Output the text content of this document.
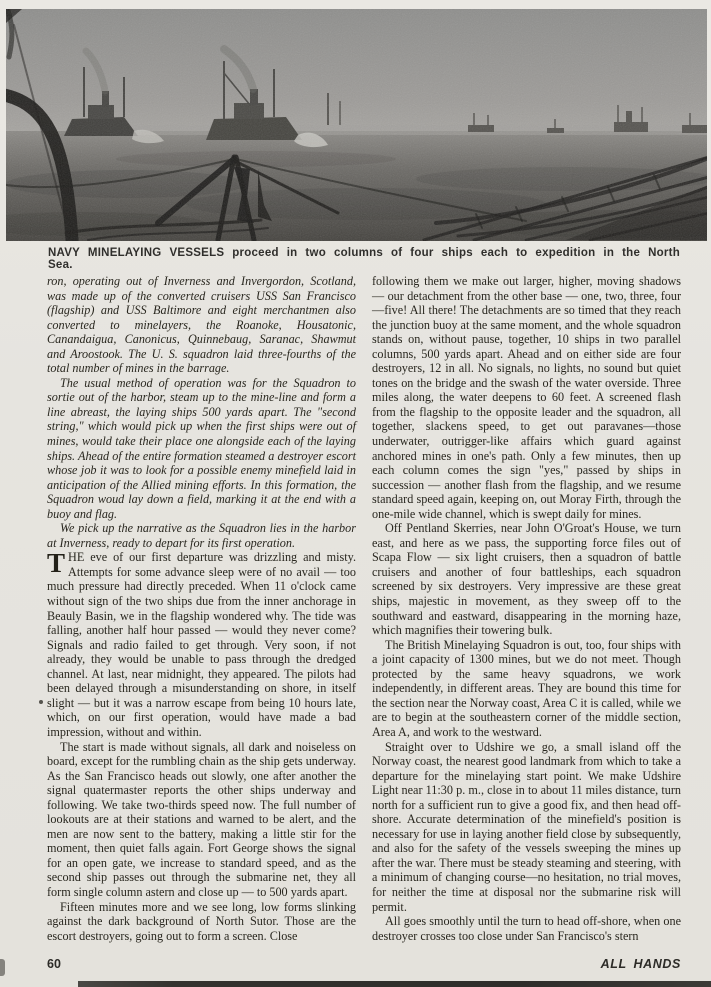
NAVY MINELAYING VESSELS proceed in two columns of four ships each to expedition in the North Sea.

ron, operating out of Inverness and Invergordon, Scotland, was made up of the converted cruisers USS San Francisco (flagship) and USS Baltimore and eight merchantmen also converted to minelayers, the Roanoke, Housatonic, Canandaigua, Canonicus, Quinnebaug, Saranac, Shawmut and Aroostook. The U. S. squadron laid three-fourths of the total number of mines in the barrage.

The usual method of operation was for the Squadron to sortie out of the harbor, steam up to the mine-line and form a line abreast, the laying ships 500 yards apart. The "second string," which would pick up when the first ships were out of mines, would take their place one alongside each of the laying ships. Ahead of the entire formation steamed a destroyer escort whose job it was to look for a possible enemy minefield laid in anticipation of the Allied mining efforts. In this formation, the Squadron woud lay down a field, marking it at the end with a buoy and flag.

We pick up the narrative as the Squadron lies in the harbor at Inverness, ready to depart for its first operation.

THE eve of our first departure was drizzling and misty. Attempts for some advance sleep were of no avail — too much pressure had directly preceded. When 11 o'clock came without sign of the two ships due from the inner anchorage in Beauly Basin, we in the flagship wondered why. The tide was falling, another half hour passed — would they never come? Signals and radio failed to get through. Very soon, if not already, they would be unable to pass through the dredged channel. At last, near midnight, they appeared. The pilots had been delayed through a misunderstanding on shore, in itself slight — but it was a narrow escape from being 10 hours late, which, on our first operation, would have made a bad impression, without and within.

The start is made without signals, all dark and noiseless on board, except for the rumbling chain as the ship gets underway. As the San Francisco heads out slowly, one after another the signal quatermaster reports the other ships underway and following. We take two-thirds speed now. The full number of lookouts are at their stations and warned to be alert, and the men are now sent to the battery, making a little stir for the moment, then quiet falls again. Fort George shows the signal for an open gate, we increase to standard speed, and as the second ship passes out through the submarine net, they all form single column astern and close up — to 500 yards apart.

Fifteen minutes more and we see long, low forms slinking against the dark background of North Sutor. Those are the escort destroyers, going out to form a screen. Close

following them we make out larger, higher, moving shadows — our detachment from the other base — one, two, three, four—five! All there! The detachments are so timed that they reach the junction buoy at the same moment, and the whole squadron stands on, without pause, together, 10 ships in two parallel columns, 500 yards apart. Ahead and on either side are four destroyers, 12 in all. No signals, no lights, no sound but quiet tones on the bridge and the swash of the water overside. Three miles along, the water deepens to 60 feet. A screened flash from the flagship to the opposite leader and the squadron, all together, slackens speed, to get out paravanes—those underwater, outrigger-like affairs which guard against anchored mines in one's path. Only a few minutes, then up each column comes the sign "yes," passed by ships in succession — another flash from the flagship, and we resume standard speed again, keeping on, out Moray Firth, through the one-mile wide channel, which is swept daily for mines.

Off Pentland Skerries, near John O'Groat's House, we turn east, and here as we pass, the supporting force files out of Scapa Flow — six light cruisers, then a squadron of battle cruisers and another of four battleships, each squadron screened by six destroyers. Very impressive are these great ships, majestic in movement, as they sweep off to the southward and eastward, disappearing in the morning haze, which magnifies their towering bulk.

The British Minelaying Squadron is out, too, four ships with a joint capacity of 1300 mines, but we do not meet. Though protected by the same heavy squadrons, we work independently, in different areas. They are bound this time for the section near the Norway coast, Area C it is called, while we are to begin at the southeastern corner of the middle section, Area A, and work to the westward.

Straight over to Udshire we go, a small island off the Norway coast, the nearest good landmark from which to take a departure for the minelaying start point. We make Udshire Light near 11:30 p. m., close in to about 11 miles distance, turn north for a sufficient run to give a good fix, and then head off-shore. Accurate determination of the minefield's position is necessary for use in laying another field close by subsequently, and also for the safety of the vessels sweeping the mines up after the war. There must be steady steaming and steering, with a minimum of changing course—no hesitation, no trial moves, for neither the time at disposal nor the submarine risk will permit.

All goes smoothly until the turn to head off-shore, when one destroyer crosses too close under San Francisco's stern

60	ALL HANDS
